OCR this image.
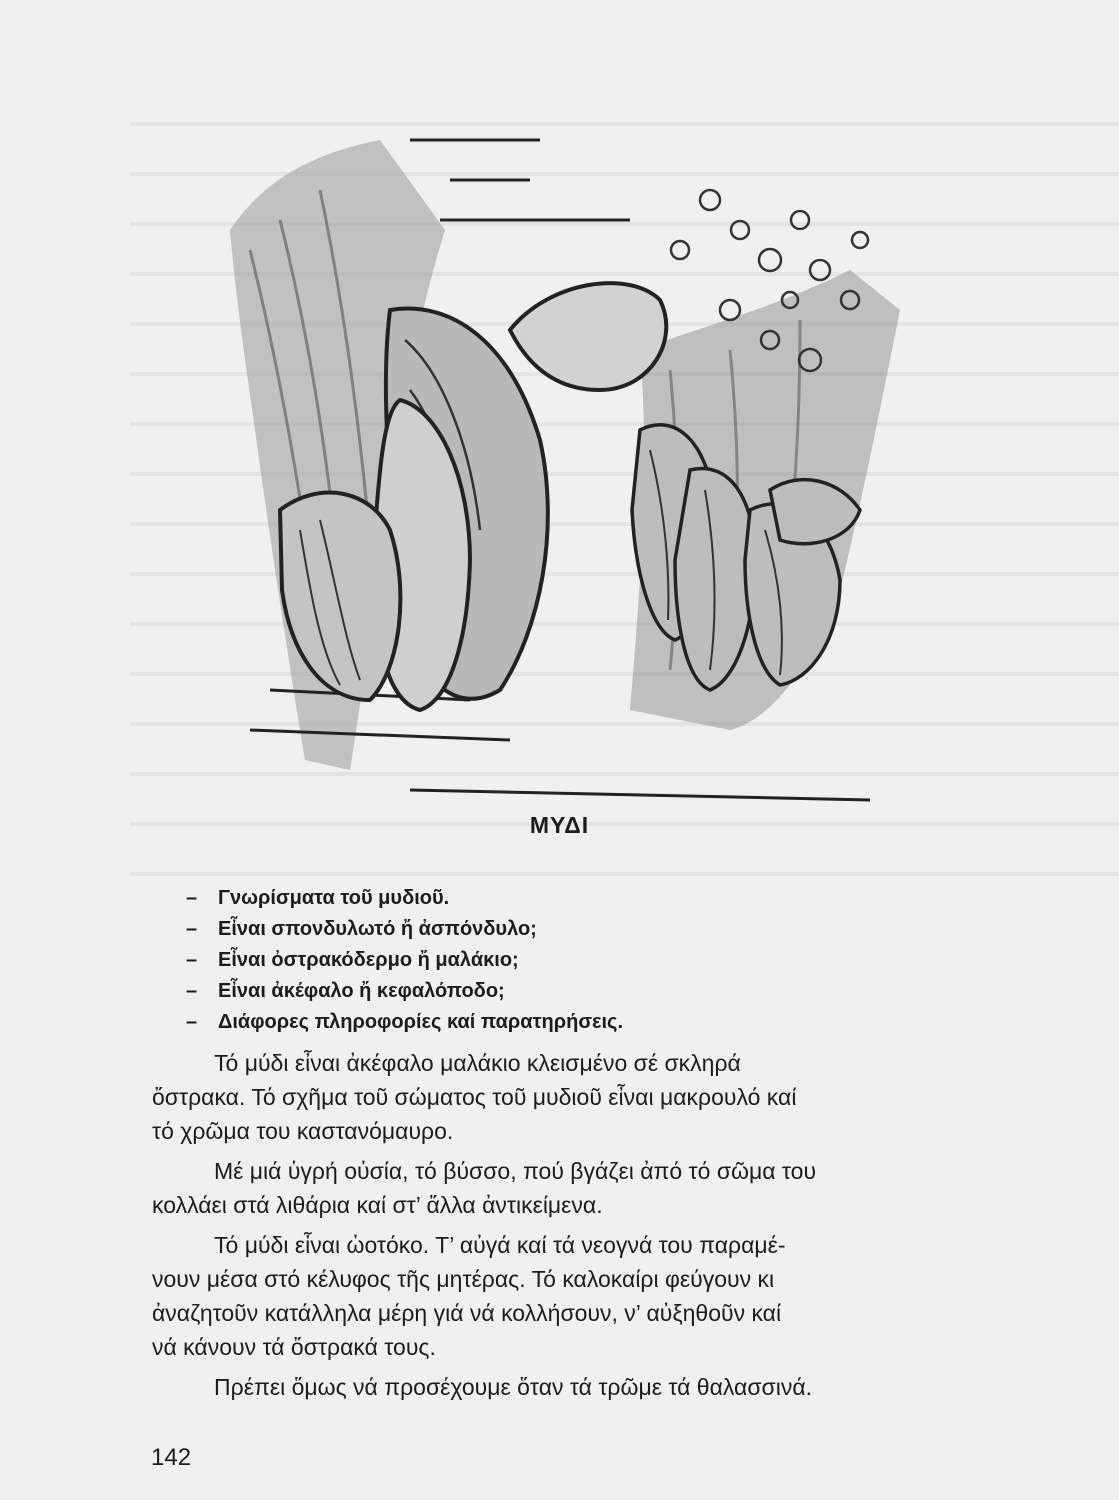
ΜΥΔΙ
– Γνωρίσματα τοῦ μυδιοῦ.
– Εἶναι σπονδυλωτό ἤ ἀσπόνδυλο;
– Εἶναι ὀστρακόδερμο ἤ μαλάκιο;
– Εἶναι ἀκέφαλο ἤ κεφαλόποδο;
– Διάφορες πληροφορίες καί παρατηρήσεις.

Τό μύδι εἶναι ἀκέφαλο μαλάκιο κλεισμένο σέ σκληρά
ὄστρακα. Τό σχῆμα τοῦ σώματος τοῦ μυδιοῦ εἶναι μακρουλό καί
τό χρῶμα του καστανόμαυρο.

Μέ μιά ὑγρή οὐσία, τό βύσσο, πού βγάζει ἀπό τό σῶμα του
κολλάει στά λιθάρια καί στ’ ἄλλα ἀντικείμενα.

Τό μύδι εἶναι ὠοτόκο. Τ’ αὐγά καί τά νεογνά του παραμέ-
νουν μέσα στό κέλυφος τῆς μητέρας. Τό καλοκαίρι φεύγουν κι
ἀναζητοῦν κατάλληλα μέρη γιά νά κολλήσουν, ν’ αὐξηθοῦν καί
νά κάνουν τά ὄστρακά τους.

Πρέπει ὅμως νά προσέχουμε ὅταν τά τρῶμε τά θαλασσινά.

142
